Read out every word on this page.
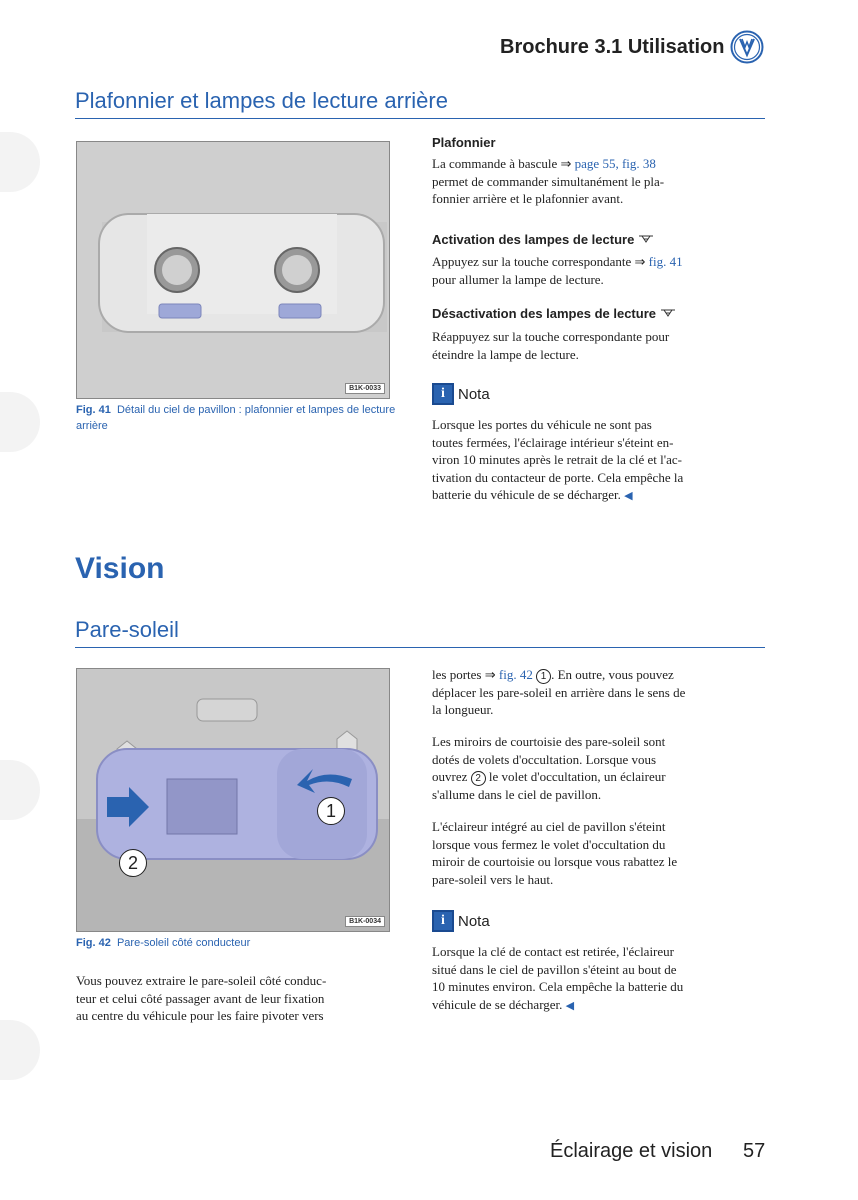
Brochure 3.1 Utilisation
Plafonnier et lampes de lecture arrière
B1K-0033
Fig. 41 Détail du ciel de pavillon : plafonnier et lampes de lecture arrière
Plafonnier
La commande à bascule ⇒ page 55, fig. 38
permet de commander simultanément le pla-
fonnier arrière et le plafonnier avant.
Activation des lampes de lecture
Appuyez sur la touche correspondante ⇒ fig. 41
pour allumer la lampe de lecture.
Désactivation des lampes de lecture
Réappuyez sur la touche correspondante pour
éteindre la lampe de lecture.
i Nota
Lorsque les portes du véhicule ne sont pas
toutes fermées, l'éclairage intérieur s'éteint en-
viron 10 minutes après le retrait de la clé et l'ac-
tivation du contacteur de porte. Cela empêche la
batterie du véhicule de se décharger. ◀
Vision
Pare-soleil
1
2
B1K-0034
Fig. 42 Pare-soleil côté conducteur
Vous pouvez extraire le pare-soleil côté conduc-
teur et celui côté passager avant de leur fixation
au centre du véhicule pour les faire pivoter vers
les portes ⇒ fig. 42 1 . En outre, vous pouvez
déplacer les pare-soleil en arrière dans le sens de
la longueur.
Les miroirs de courtoisie des pare-soleil sont
dotés de volets d'occultation. Lorsque vous
ouvrez 2 le volet d'occultation, un éclaireur
s'allume dans le ciel de pavillon.
L'éclaireur intégré au ciel de pavillon s'éteint
lorsque vous fermez le volet d'occultation du
miroir de courtoisie ou lorsque vous rabattez le
pare-soleil vers le haut.
i Nota
Lorsque la clé de contact est retirée, l'éclaireur
situé dans le ciel de pavillon s'éteint au bout de
10 minutes environ. Cela empêche la batterie du
véhicule de se décharger. ◀
Éclairage et vision 57
